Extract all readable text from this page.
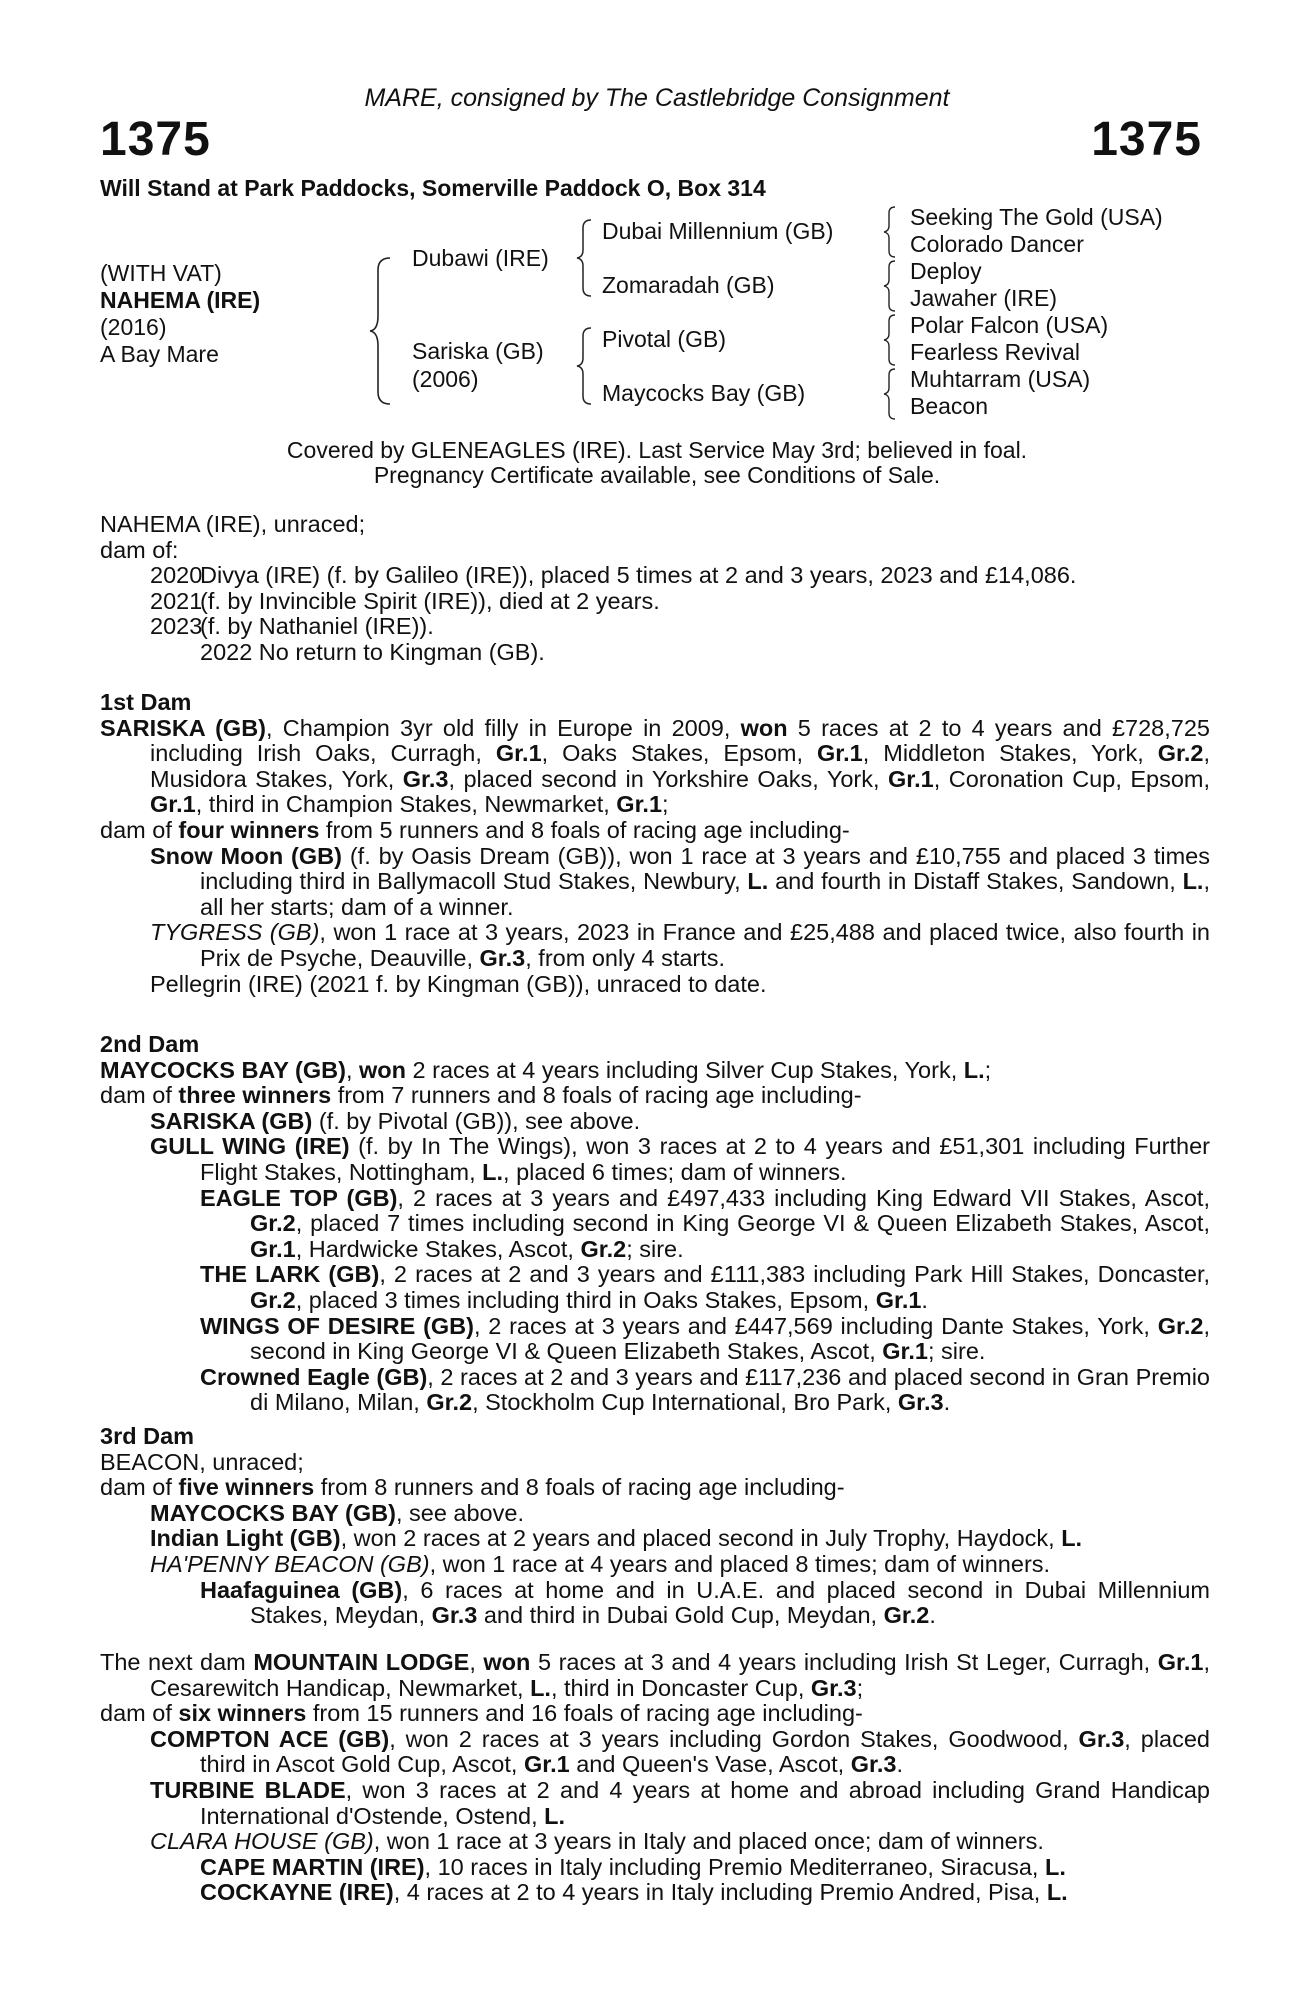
MARE, consigned by The Castlebridge Consignment
1375	1375
Will Stand at Park Paddocks, Somerville Paddock O, Box 314
(WITH VAT)
NAHEMA (IRE)
(2016)
A Bay Mare
Dubawi (IRE)
Sariska (GB)
(2006)
Dubai Millennium (GB)
Zomaradah (GB)
Pivotal (GB)
Maycocks Bay (GB)
Seeking The Gold (USA)
Colorado Dancer
Deploy
Jawaher (IRE)
Polar Falcon (USA)
Fearless Revival
Muhtarram (USA)
Beacon
Covered by GLENEAGLES (IRE). Last Service May 3rd; believed in foal.
Pregnancy Certificate available, see Conditions of Sale.

NAHEMA (IRE), unraced;

dam of:

2020
Divya (IRE) (f. by Galileo (IRE)), placed 5 times at 2 and 3 years, 2023 and £14,086.
2021
(f. by Invincible Spirit (IRE)), died at 2 years.
2023
(f. by Nathaniel (IRE)).
2022 No return to Kingman (GB).

1st Dam

SARISKA (GB), Champion 3yr old filly in Europe in 2009, won 5 races at 2 to 4 years and £728,725 including Irish Oaks, Curragh, Gr.1, Oaks Stakes, Epsom, Gr.1, Middleton Stakes, York, Gr.2, Musidora Stakes, York, Gr.3, placed second in Yorkshire Oaks, York, Gr.1, Coronation Cup, Epsom, Gr.1, third in Champion Stakes, Newmarket, Gr.1;

dam of four winners from 5 runners and 8 foals of racing age including-

Snow Moon (GB) (f. by Oasis Dream (GB)), won 1 race at 3 years and £10,755 and placed 3 times including third in Ballymacoll Stud Stakes, Newbury, L. and fourth in Distaff Stakes, Sandown, L., all her starts; dam of a winner.

TYGRESS (GB), won 1 race at 3 years, 2023 in France and £25,488 and placed twice, also fourth in Prix de Psyche, Deauville, Gr.3, from only 4 starts.

Pellegrin (IRE) (2021 f. by Kingman (GB)), unraced to date.

2nd Dam

MAYCOCKS BAY (GB), won 2 races at 4 years including Silver Cup Stakes, York, L.;

dam of three winners from 7 runners and 8 foals of racing age including-

SARISKA (GB) (f. by Pivotal (GB)), see above.

GULL WING (IRE) (f. by In The Wings), won 3 races at 2 to 4 years and £51,301 including Further Flight Stakes, Nottingham, L., placed 6 times; dam of winners.

EAGLE TOP (GB), 2 races at 3 years and £497,433 including King Edward VII Stakes, Ascot, Gr.2, placed 7 times including second in King George VI & Queen Elizabeth Stakes, Ascot, Gr.1, Hardwicke Stakes, Ascot, Gr.2; sire.

THE LARK (GB), 2 races at 2 and 3 years and £111,383 including Park Hill Stakes, Doncaster, Gr.2, placed 3 times including third in Oaks Stakes, Epsom, Gr.1.

WINGS OF DESIRE (GB), 2 races at 3 years and £447,569 including Dante Stakes, York, Gr.2, second in King George VI & Queen Elizabeth Stakes, Ascot, Gr.1; sire.

Crowned Eagle (GB), 2 races at 2 and 3 years and £117,236 and placed second in Gran Premio di Milano, Milan, Gr.2, Stockholm Cup International, Bro Park, Gr.3.

3rd Dam

BEACON, unraced;

dam of five winners from 8 runners and 8 foals of racing age including-

MAYCOCKS BAY (GB), see above.

Indian Light (GB), won 2 races at 2 years and placed second in July Trophy, Haydock, L.

HA'PENNY BEACON (GB), won 1 race at 4 years and placed 8 times; dam of winners.

Haafaguinea (GB), 6 races at home and in U.A.E. and placed second in Dubai Millennium Stakes, Meydan, Gr.3 and third in Dubai Gold Cup, Meydan, Gr.2.

The next dam MOUNTAIN LODGE, won 5 races at 3 and 4 years including Irish St Leger, Curragh, Gr.1, Cesarewitch Handicap, Newmarket, L., third in Doncaster Cup, Gr.3;

dam of six winners from 15 runners and 16 foals of racing age including-

COMPTON ACE (GB), won 2 races at 3 years including Gordon Stakes, Goodwood, Gr.3, placed third in Ascot Gold Cup, Ascot, Gr.1 and Queen's Vase, Ascot, Gr.3.

TURBINE BLADE, won 3 races at 2 and 4 years at home and abroad including Grand Handicap International d'Ostende, Ostend, L.

CLARA HOUSE (GB), won 1 race at 3 years in Italy and placed once; dam of winners.

CAPE MARTIN (IRE), 10 races in Italy including Premio Mediterraneo, Siracusa, L.

COCKAYNE (IRE), 4 races at 2 to 4 years in Italy including Premio Andred, Pisa, L.
